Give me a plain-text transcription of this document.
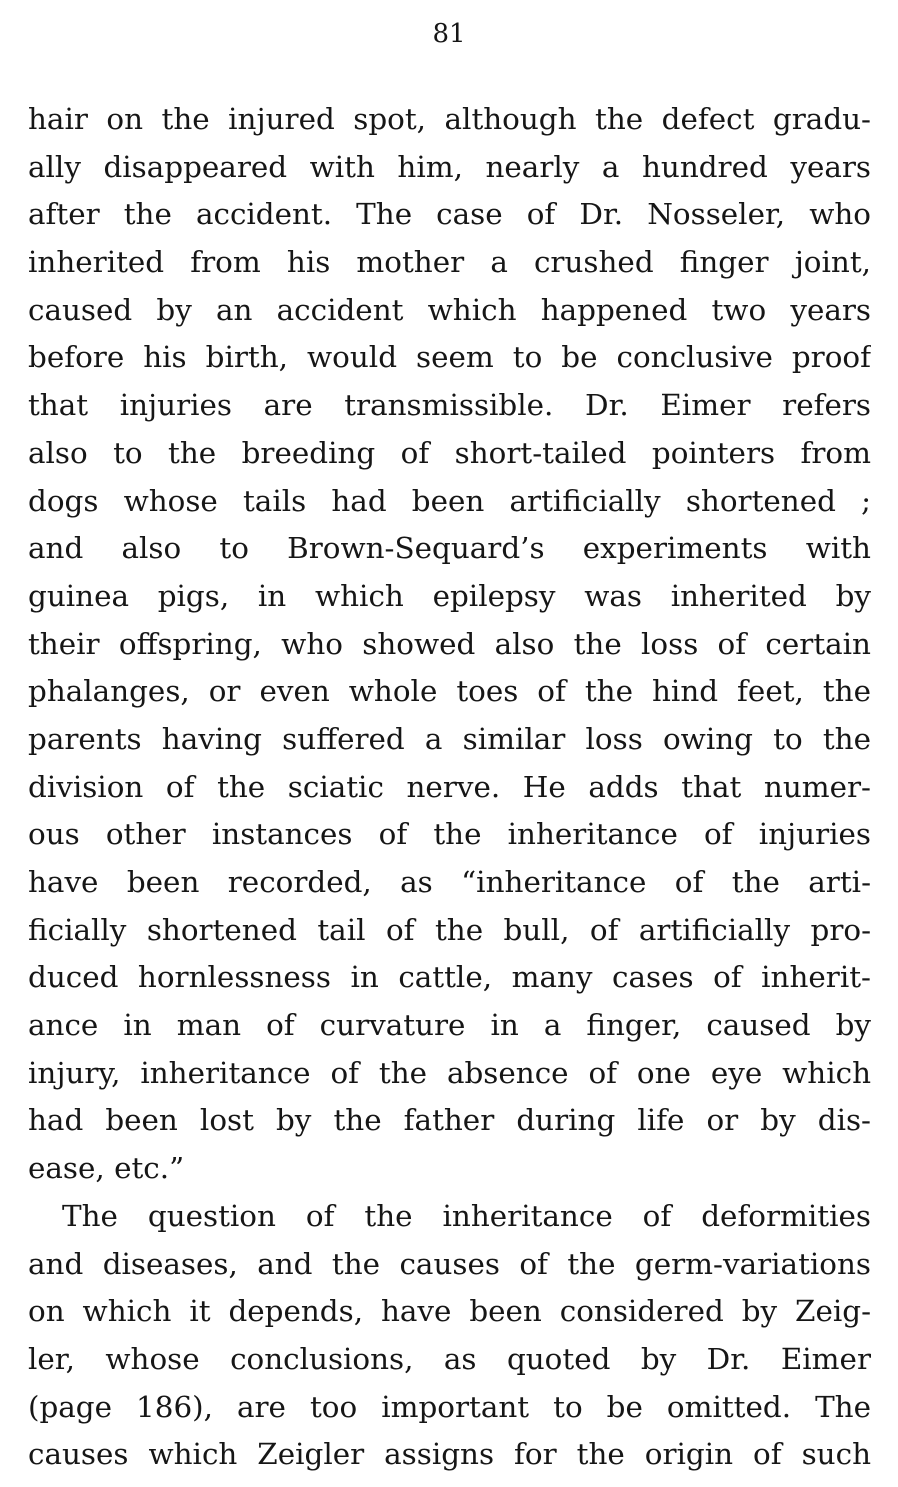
81
hair on the injured spot, although the defect gradu-
ally disappeared with him, nearly a hundred years
after the accident. The case of Dr. Nosseler, who
inherited from his mother a crushed finger joint,
caused by an accident which happened two years
before his birth, would seem to be conclusive proof
that injuries are transmissible. Dr. Eimer refers
also to the breeding of short-tailed pointers from
dogs whose tails had been artificially shortened ;
and also to Brown-Sequard’s experiments with
guinea pigs, in which epilepsy was inherited by
their offspring, who showed also the loss of certain
phalanges, or even whole toes of the hind feet, the
parents having suffered a similar loss owing to the
division of the sciatic nerve. He adds that numer-
ous other instances of the inheritance of injuries
have been recorded, as “inheritance of the arti-
ficially shortened tail of the bull, of artificially pro-
duced hornlessness in cattle, many cases of inherit-
ance in man of curvature in a finger, caused by
injury, inheritance of the absence of one eye which
had been lost by the father during life or by dis-
ease, etc.”
The question of the inheritance of deformities
and diseases, and the causes of the germ-variations
on which it depends, have been considered by Zeig-
ler, whose conclusions, as quoted by Dr. Eimer
(page 186), are too important to be omitted. The
causes which Zeigler assigns for the origin of such
